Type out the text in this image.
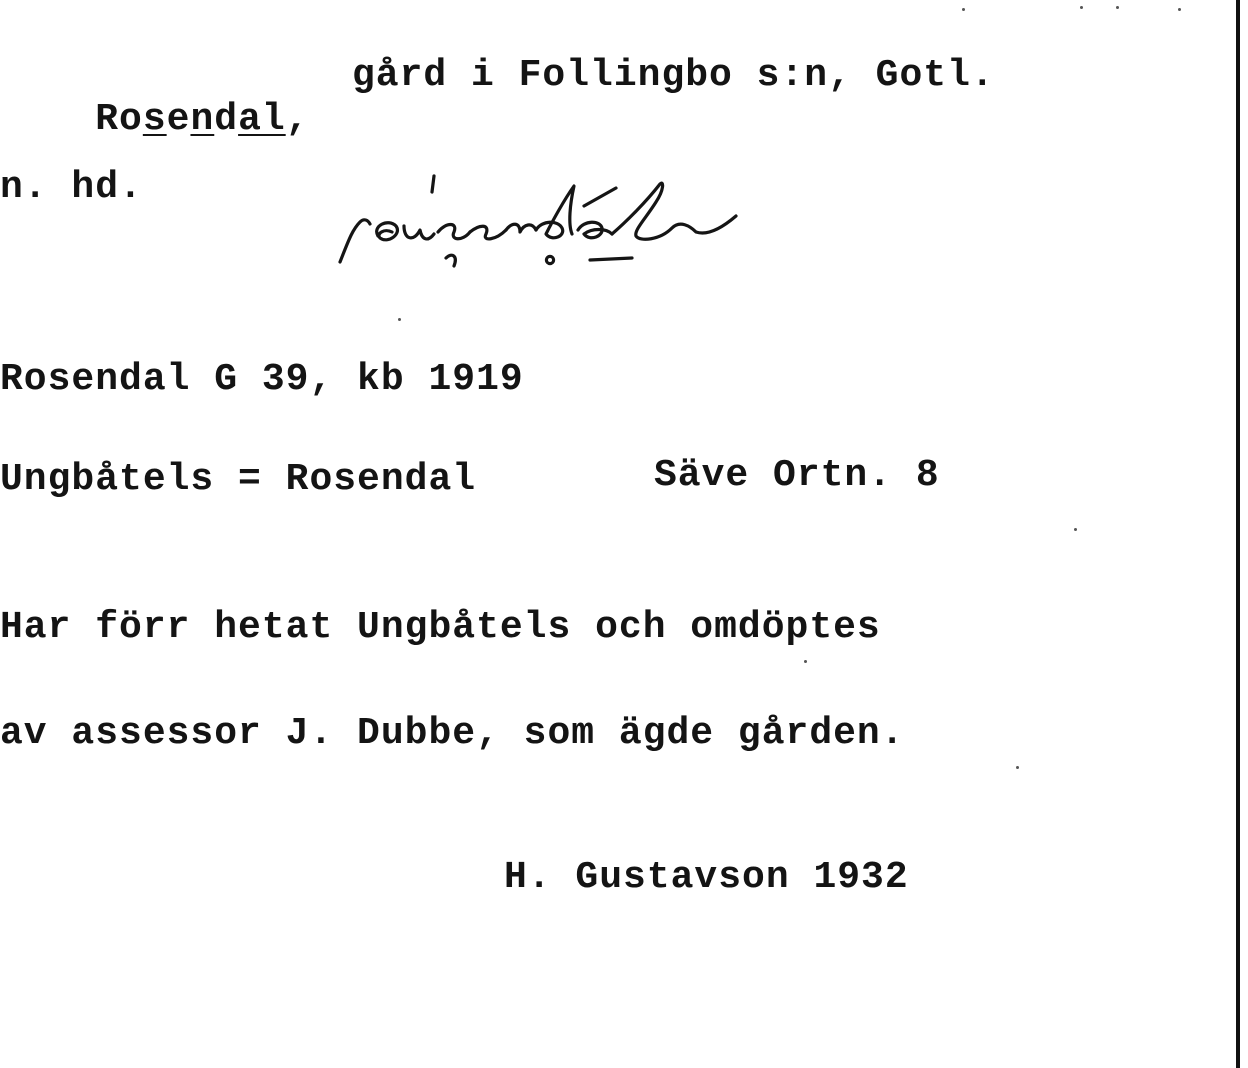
Rosendal,

gård i Follingbo s:n, Gotl.
n. hd.
Rosendal G 39, kb 1919
Ungbåtels = Rosendal	Säve Ortn. 8
Har förr hetat Ungbåtels och omdöptes
av assessor J. Dubbe, som ägde gården.
H. Gustavson 1932
